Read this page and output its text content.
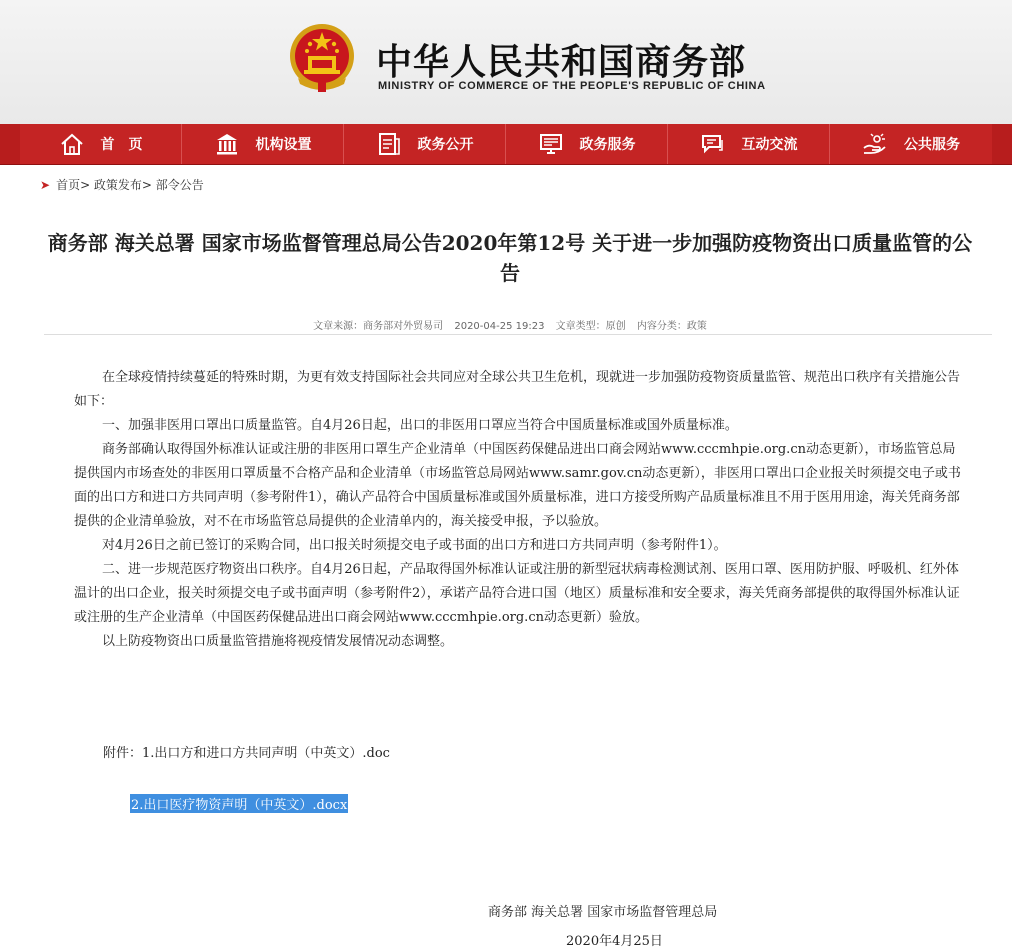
中华人民共和国商务部
MINISTRY OF COMMERCE OF THE PEOPLE'S REPUBLIC OF CHINA
首　页	机构设置	政务公开	政务服务	互动交流	公共服务
➤ 首页> 政策发布> 部令公告
商务部 海关总署 国家市场监督管理总局公告2020年第12号 关于进一步加强防疫物资出口质量监管的公告
文章来源：商务部对外贸易司 2020-04-25 19:23 文章类型：原创 内容分类：政策

在全球疫情持续蔓延的特殊时期，为更有效支持国际社会共同应对全球公共卫生危机，现就进一步加强防疫物资质量监管、规范出口秩序有关措施公告如下：

一、加强非医用口罩出口质量监管。自4月26日起，出口的非医用口罩应当符合中国质量标准或国外质量标准。

商务部确认取得国外标准认证或注册的非医用口罩生产企业清单（中国医药保健品进出口商会网站www.cccmhpie.org.cn动态更新），市场监管总局提供国内市场查处的非医用口罩质量不合格产品和企业清单（市场监管总局网站www.samr.gov.cn动态更新），非医用口罩出口企业报关时须提交电子或书面的出口方和进口方共同声明（参考附件1），确认产品符合中国质量标准或国外质量标准，进口方接受所购产品质量标准且不用于医用用途，海关凭商务部提供的企业清单验放，对不在市场监管总局提供的企业清单内的，海关接受申报，予以验放。

对4月26日之前已签订的采购合同，出口报关时须提交电子或书面的出口方和进口方共同声明（参考附件1）。

二、进一步规范医疗物资出口秩序。自4月26日起，产品取得国外标准认证或注册的新型冠状病毒检测试剂、医用口罩、医用防护服、呼吸机、红外体温计的出口企业，报关时须提交电子或书面声明（参考附件2），承诺产品符合进口国（地区）质量标准和安全要求，海关凭商务部提供的取得国外标准认证或注册的生产企业清单（中国医药保健品进出口商会网站www.cccmhpie.org.cn动态更新）验放。

以上防疫物资出口质量监管措施将视疫情发展情况动态调整。

附件：1.出口方和进口方共同声明（中英文）.doc
2.出口医疗物资声明（中英文）.docx
商务部 海关总署 国家市场监督管理总局
2020年4月25日
